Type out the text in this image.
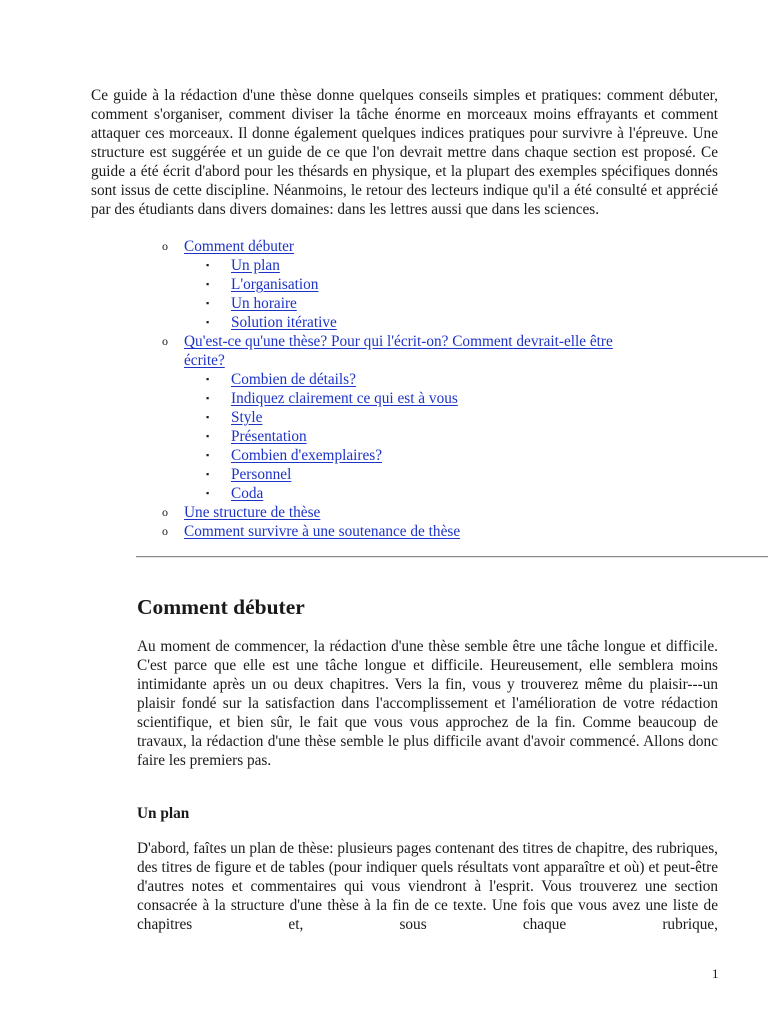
Ce guide à la rédaction d'une thèse donne quelques conseils simples et pratiques: comment débuter, comment s'organiser, comment diviser la tâche énorme en morceaux moins effrayants et comment attaquer ces morceaux. Il donne également quelques indices pratiques pour survivre à l'épreuve. Une structure est suggérée et un guide de ce que l'on devrait mettre dans chaque section est proposé. Ce guide a été écrit d'abord pour les thésards en physique, et la plupart des exemples spécifiques donnés sont issus de cette discipline. Néanmoins, le retour des lecteurs indique qu'il a été consulté et apprécié par des étudiants dans divers domaines: dans les lettres aussi que dans les sciences.

o Comment débuter
▪ Un plan
▪ L'organisation
▪ Un horaire
▪ Solution itérative
o Qu'est-ce qu'une thèse? Pour qui l'écrit-on? Comment devrait-elle être
écrite?
▪ Combien de détails?
▪ Indiquez clairement ce qui est à vous
▪ Style
▪ Présentation
▪ Combien d'exemplaires?
▪ Personnel
▪ Coda
o Une structure de thèse
o Comment survivre à une soutenance de thèse
Comment débuter

Au moment de commencer, la rédaction d'une thèse semble être une tâche longue et difficile. C'est parce que elle est une tâche longue et difficile. Heureusement, elle semblera moins intimidante après un ou deux chapitres. Vers la fin, vous y trouverez même du plaisir---un plaisir fondé sur la satisfaction dans l'accomplissement et l'amélioration de votre rédaction scientifique, et bien sûr, le fait que vous vous approchez de la fin. Comme beaucoup de travaux, la rédaction d'une thèse semble le plus difficile avant d'avoir commencé. Allons donc faire les premiers pas.

Un plan

D'abord, faîtes un plan de thèse: plusieurs pages contenant des titres de chapitre, des rubriques, des titres de figure et de tables (pour indiquer quels résultats vont apparaître et où) et peut-être d'autres notes et commentaires qui vous viendront à l'esprit. Vous trouverez une section consacrée à la structure d'une thèse à la fin de ce texte. Une fois que vous avez une liste de chapitres et, sous chaque rubrique,

1
